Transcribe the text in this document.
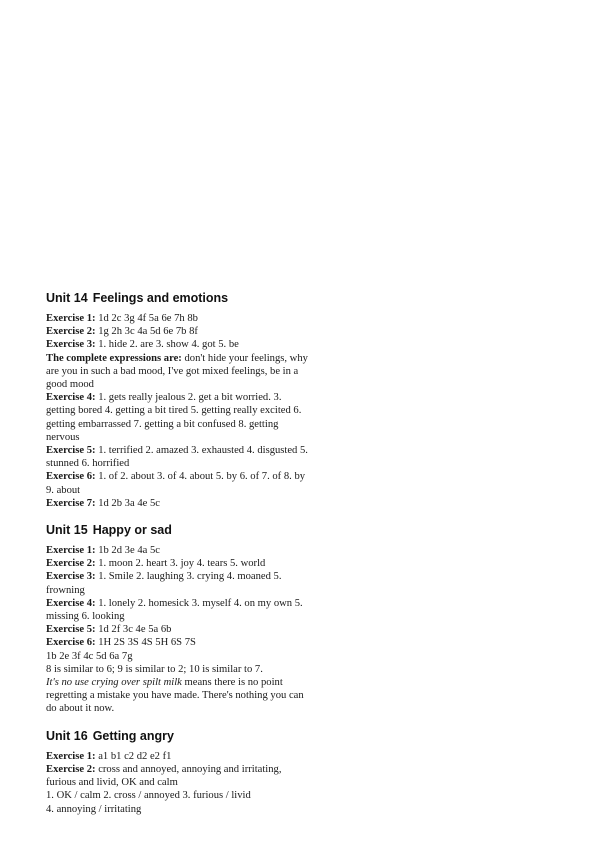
Unit 14 Feelings and emotions

Exercise 1: 1d 2c 3g 4f 5a 6e 7h 8b

Exercise 2: 1g 2h 3c 4a 5d 6e 7b 8f

Exercise 3: 1. hide 2. are 3. show 4. got 5. be

The complete expressions are: don't hide your feelings, why are you in such a bad mood, I've got mixed feelings, be in a good mood

Exercise 4: 1. gets really jealous 2. get a bit worried. 3. getting bored 4. getting a bit tired 5. getting really excited 6. getting embarrassed 7. getting a bit confused 8. getting nervous

Exercise 5: 1. terrified 2. amazed 3. exhausted 4. disgusted 5. stunned 6. horrified

Exercise 6: 1. of 2. about 3. of 4. about 5. by 6. of 7. of 8. by 9. about

Exercise 7: 1d 2b 3a 4e 5c

Unit 15 Happy or sad

Exercise 1: 1b 2d 3e 4a 5c

Exercise 2: 1. moon 2. heart 3. joy 4. tears 5. world

Exercise 3: 1. Smile 2. laughing 3. crying 4. moaned 5. frowning

Exercise 4: 1. lonely 2. homesick 3. myself 4. on my own 5. missing 6. looking

Exercise 5: 1d 2f 3c 4e 5a 6b

Exercise 6: 1H 2S 3S 4S 5H 6S 7S

1b 2e 3f 4c 5d 6a 7g

8 is similar to 6; 9 is similar to 2; 10 is similar to 7.

It's no use crying over spilt milk means there is no point regretting a mistake you have made. There's nothing you can do about it now.

Unit 16 Getting angry

Exercise 1: a1 b1 c2 d2 e2 f1

Exercise 2: cross and annoyed, annoying and irritating, furious and livid, OK and calm

1. OK / calm 2. cross / annoyed 3. furious / livid

4. annoying / irritating
